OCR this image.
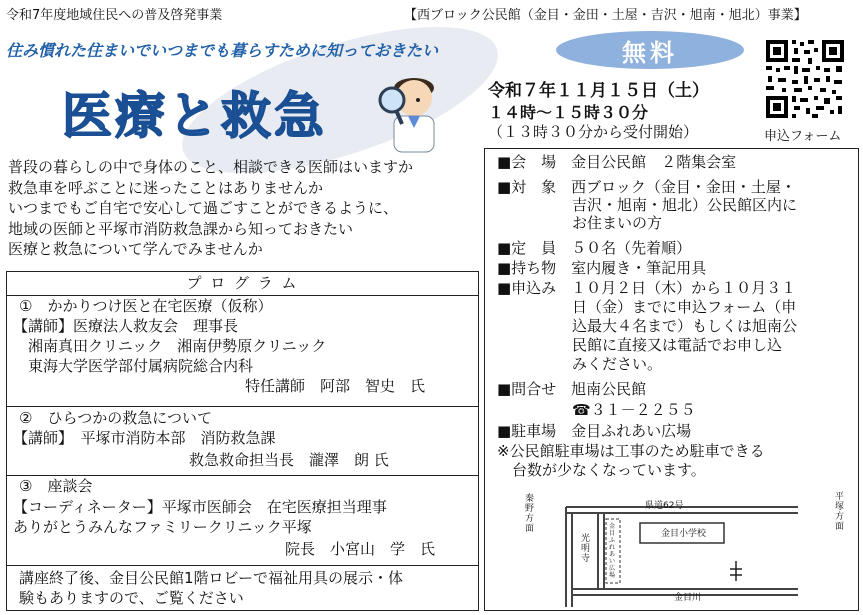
令和7年度地域住民への普及啓発事業	【西ブロック公民館（金目・金田・土屋・吉沢・旭南・旭北）事業】
住み慣れた住まいでいつまでも暮らすために知っておきたい
医療と救急
無料
令和７年１１月１５日（土）
１４時～１５時３０分
（１３時３０分から受付開始）	申込フォーム
普段の暮らしの中で身体のこと、相談できる医師はいますか
救急車を呼ぶことに迷ったことはありませんか
いつまでもご自宅で安心して過ごすことができるように、
地域の医師と平塚市消防救急課から知っておきたい
医療と救急について学んでみませんか
プ ロ グ ラ ム
①　かかりつけ医と在宅医療（仮称）
【講師】医療法人救友会　理事長
　湘南真田クリニック　湘南伊勢原クリニック
　東海大学医学部付属病院総合内科
特任講師　阿部　智史　氏
②　ひらつかの救急について
【講師】　平塚市消防本部　消防救急課
救急救命担当長　瀧澤　朗 氏
③　座談会
【コーディネーター】平塚市医師会　在宅医療担当理事
ありがとうみんなファミリークリニック平塚
院長　小宮山　学　氏
講座終了後、金目公民館1階ロビーで福祉用具の展示・体
験もありますので、ご覧ください
■会　場　金目公民館　２階集会室
■対　象　西ブロック（金目・金田・土屋・
　　　　　吉沢・旭南・旭北）公民館区内に
　　　　　お住まいの方
■定　員　５０名（先着順）
■持ち物　室内履き・筆記用具
■申込み　１０月２日（木）から１０月３１
　　　　　日（金）までに申込フォーム（申
　　　　　込最大４名まで）もしくは旭南公
　　　　　民館に直接又は電話でお申し込
　　　　　みください。
■問合せ　旭南公民館
　　　　　☎３１－２２５５
■駐車場　金目ふれあい広場
※公民館駐車場は工事のため駐車できる
　台数が少なくなっています。
県道62号
金目小学校
金目川
秦野方面
平塚方面
光明寺
金目ふれあい広場
